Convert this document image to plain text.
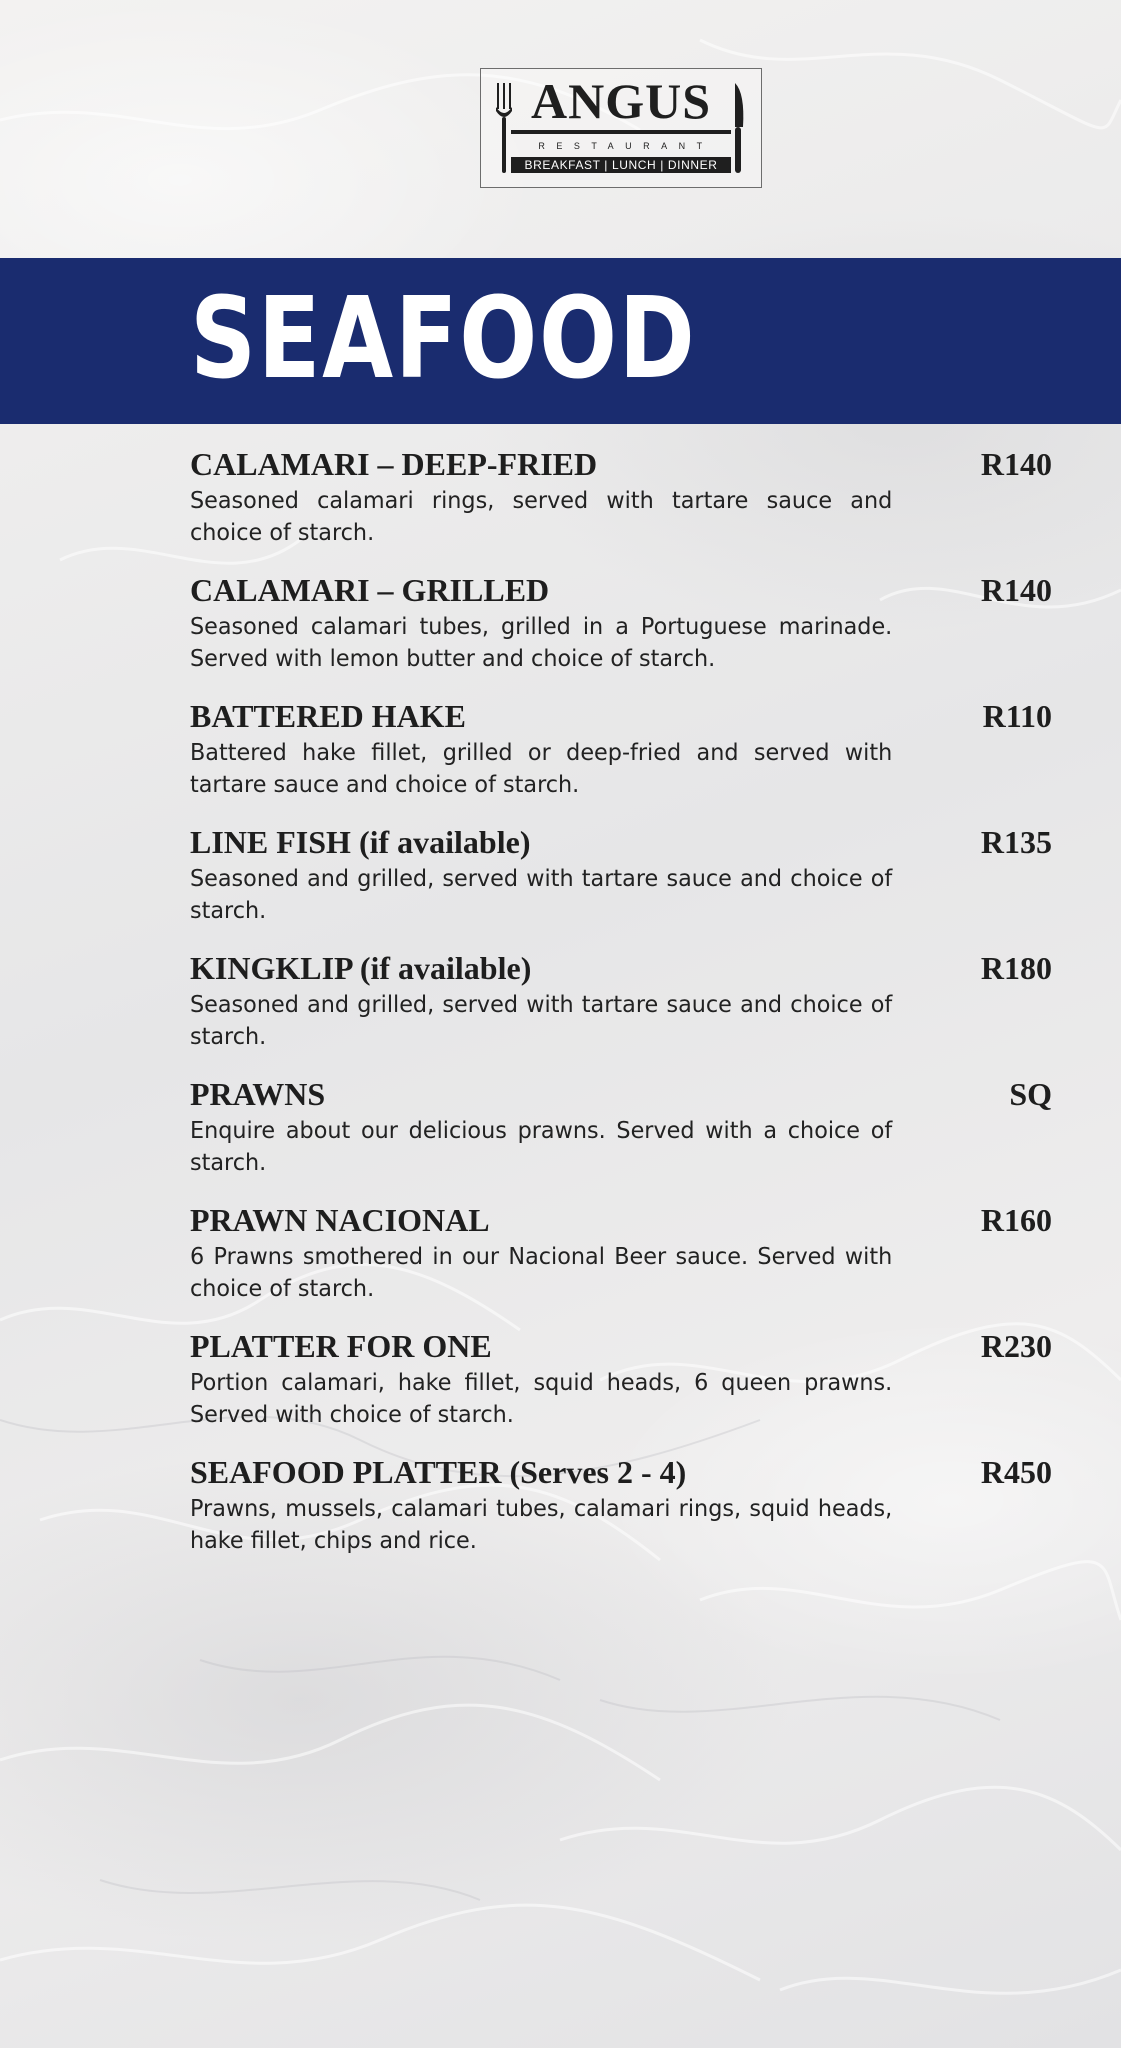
ANGUS
RESTAURANT
BREAKFAST | LUNCH | DINNER
SEAFOOD
CALAMARI – DEEP-FRIED	R140
Seasoned calamari rings, served with tartare sauce and choice of starch.
CALAMARI – GRILLED	R140
Seasoned calamari tubes, grilled in a Portuguese marinade. Served with lemon butter and choice of starch.
BATTERED HAKE	R110
Battered hake fillet, grilled or deep-fried and served with tartare sauce and choice of starch.
LINE FISH (if available)	R135
Seasoned and grilled, served with tartare sauce and choice of starch.
KINGKLIP (if available)	R180
Seasoned and grilled, served with tartare sauce and choice of starch.
PRAWNS	SQ
Enquire about our delicious prawns. Served with a choice of starch.
PRAWN NACIONAL	R160
6 Prawns smothered in our Nacional Beer sauce. Served with choice of starch.
PLATTER FOR ONE	R230
Portion calamari, hake fillet, squid heads, 6 queen prawns. Served with choice of starch.
SEAFOOD PLATTER (Serves 2 - 4)	R450
Prawns, mussels, calamari tubes, calamari rings, squid heads, hake fillet, chips and rice.
